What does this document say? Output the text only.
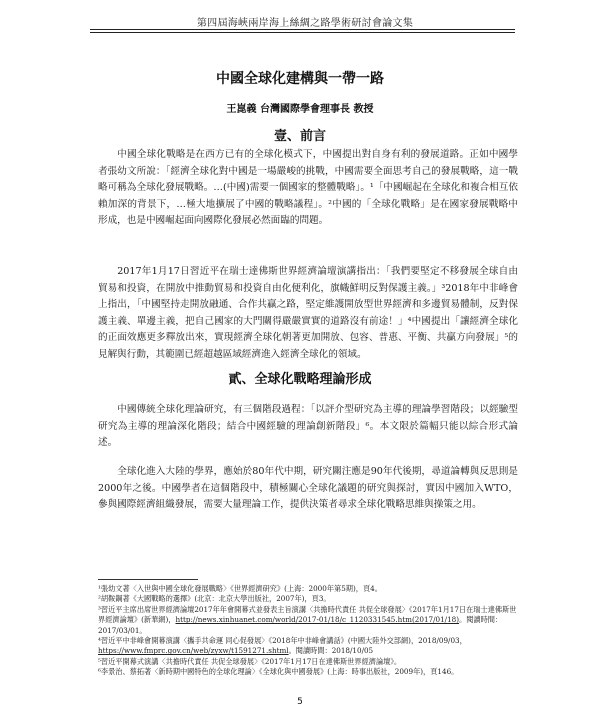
第四屆海峽兩岸海上絲綢之路學術研討會論文集
中國全球化建構與一帶一路
王崑義 台灣國際學會理事長 教授
壹、前言

中國全球化戰略是在西方已有的全球化模式下，中國提出對自身有利的發展道路。正如中國學者張幼文所說：「經濟全球化對中國是一場嚴峻的挑戰，中國需要全面思考自己的發展戰略，這一戰略可稱為全球化發展戰略。…(中國)需要一個國家的整體戰略」。¹「中國崛起在全球化和複合相互依賴加深的背景下，…極大地擴展了中國的戰略議程」。²中國的「全球化戰略」是在國家發展戰略中形成，也是中國崛起面向國際化發展必然面臨的問題。

2017年1月17日習近平在瑞士達佛斯世界經濟論壇演講指出：「我們要堅定不移發展全球自由貿易和投資，在開放中推動貿易和投資自由化便利化，旗幟鮮明反對保護主義。」³2018年中非峰會上指出，「中國堅持走開放融通、合作共贏之路，堅定維護開放型世界經濟和多邊貿易體制，反對保護主義、單邊主義，把自己國家的大門關得嚴嚴實實的道路沒有前途！」⁴中國提出「讓經濟全球化的正面效應更多釋放出來，實現經濟全球化朝著更加開放、包容、普惠、平衡、共贏方向發展」⁵的見解與行動，其範圍已經超越區域經濟進入經濟全球化的領域。

貳、全球化戰略理論形成

中國傳統全球化理論研究，有三個階段過程：「以評介型研究為主導的理論學習階段；以經驗型研究為主導的理論深化階段；結合中國經驗的理論創新階段」⁶。本文限於篇幅只能以綜合形式論述。

全球化進入大陸的學界，應始於80年代中期，研究關注應是90年代後期，尋道論轉與反思則是2000年之後。中國學者在這個階段中，積極關心全球化議題的研究與探討，實因中國加入WTO，參與國際經濟組織發展，需要大量理論工作，提供決策者尋求全球化戰略思維與操策之用。

¹張幼文著〈入世與中國全球化發展戰略〉《世界經濟研究》(上海：2000年第5期)，頁4。
²胡鞍鋼著《大國戰略的選擇》(北京：北京大學出版社，2007年)，頁3。
³習近平主席出席世界經濟論壇2017年年會開幕式並發表主旨演講〈共擔時代責任 共促全球發展〉《2017年1月17日在瑞士達佛斯世界經濟論壇》(新華網)，http://news.xinhuanet.com/world/2017-01/18/c_1120331545.htm(2017/01/18)。閱讀時間：2017/03/01。
⁴習近平中非峰會開幕演講〈攜手共命運 同心促發展〉《2018年中非峰會講話》(中國大陸外交部網)，2018/09/03，https://www.fmprc.gov.cn/web/zyxw/t1591271.shtml。閱讀時間：2018/10/05
⁵習近平開幕式演講〈共擔時代責任 共促全球發展〉《2017年1月17日在達佛斯世界經濟論壇》。
⁶李景治、蔡拓著〈新時期中國特色的全球化理論〉《全球化與中國發展》(上海：時事出版社，2009年)，頁146。
5
